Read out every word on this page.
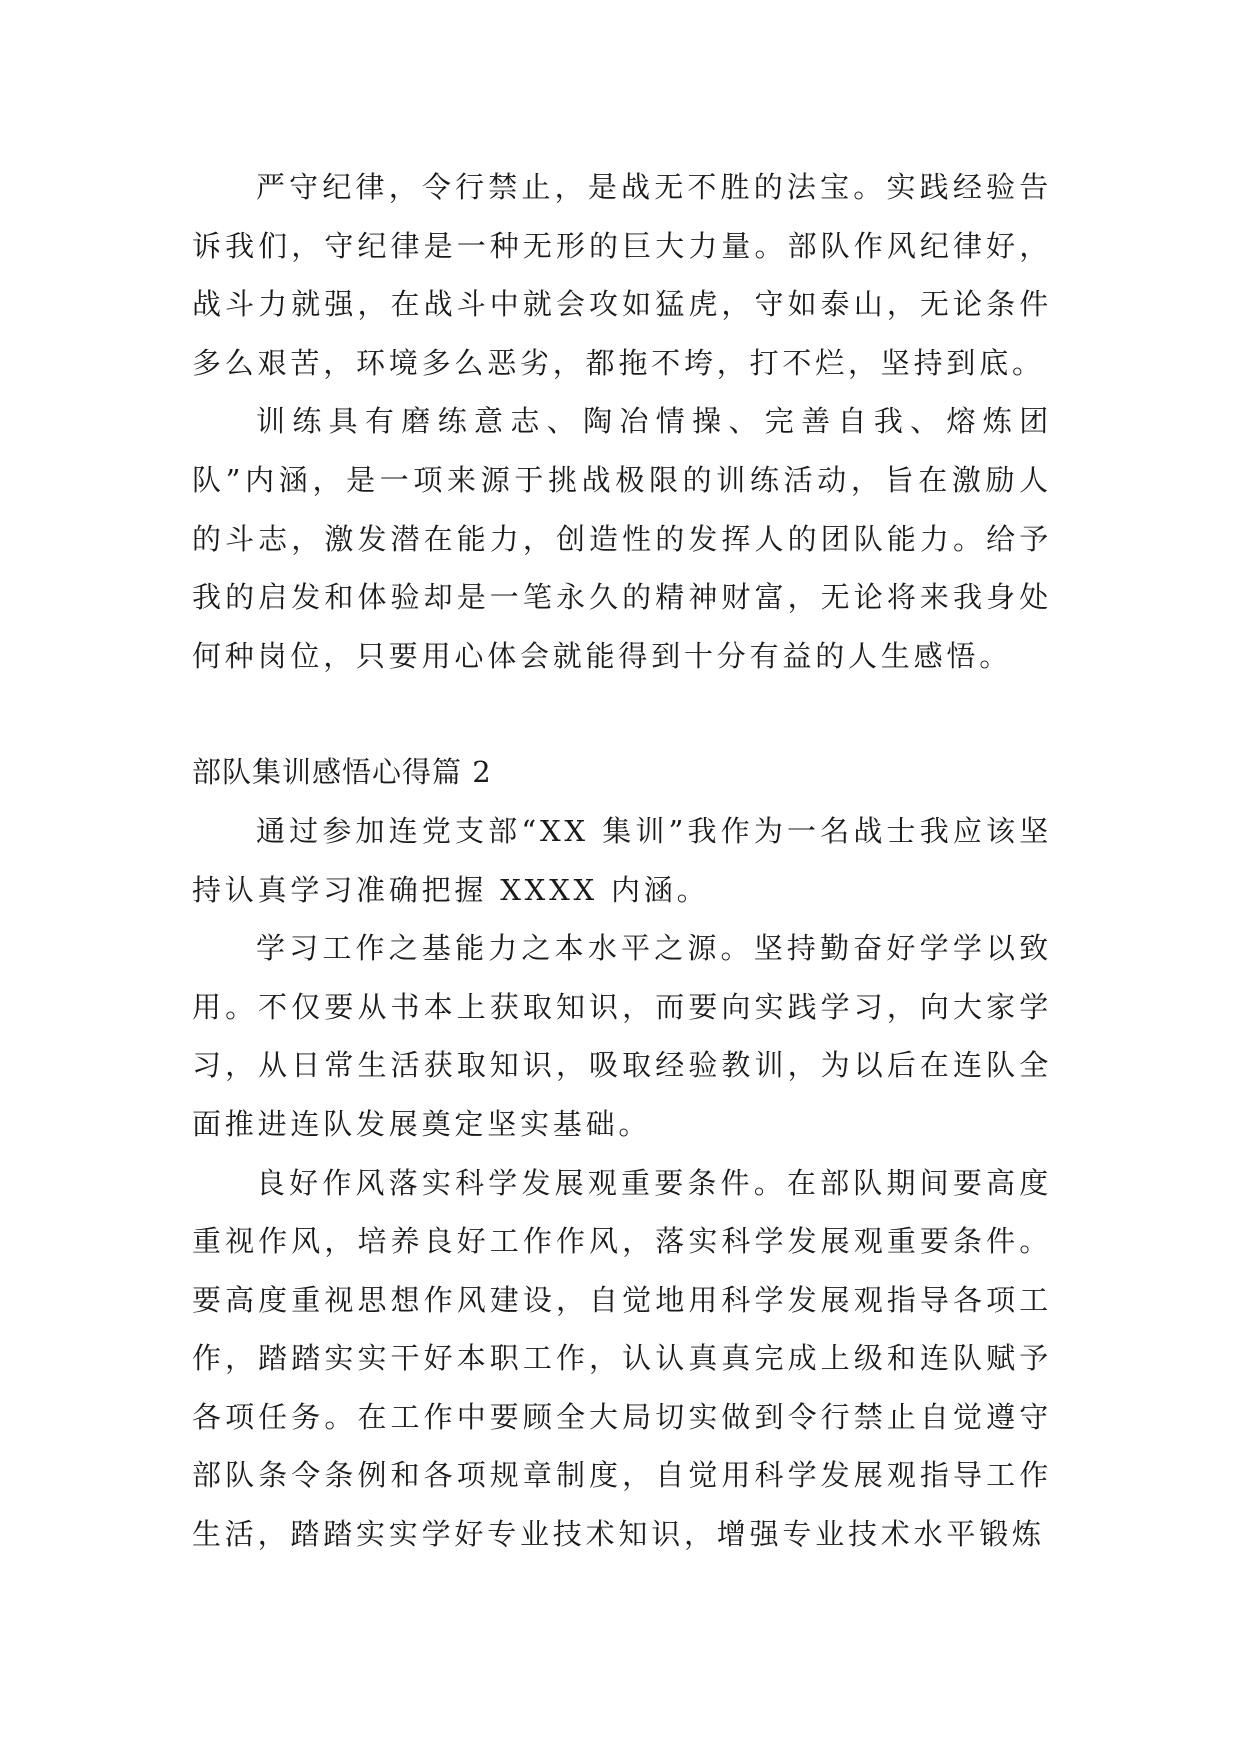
严守纪律，令行禁止，是战无不胜的法宝。实践经验告诉我们，守纪律是一种无形的巨大力量。部队作风纪律好，战斗力就强，在战斗中就会攻如猛虎，守如泰山，无论条件多么艰苦，环境多么恶劣，都拖不垮，打不烂，坚持到底。

训练具有磨练意志、陶冶情操、完善自我、熔炼团队”内涵，是一项来源于挑战极限的训练活动，旨在激励人的斗志，激发潜在能力，创造性的发挥人的团队能力。给予我的启发和体验却是一笔永久的精神财富，无论将来我身处何种岗位，只要用心体会就能得到十分有益的人生感悟。

部队集训感悟心得篇 2

通过参加连党支部“XX 集训”我作为一名战士我应该坚持认真学习准确把握 XXXX 内涵。

学习工作之基能力之本水平之源。坚持勤奋好学学以致用。不仅要从书本上获取知识，而要向实践学习，向大家学习，从日常生活获取知识，吸取经验教训，为以后在连队全面推进连队发展奠定坚实基础。

良好作风落实科学发展观重要条件。在部队期间要高度重视作风，培养良好工作作风，落实科学发展观重要条件。要高度重视思想作风建设，自觉地用科学发展观指导各项工作，踏踏实实干好本职工作，认认真真完成上级和连队赋予各项任务。在工作中要顾全大局切实做到令行禁止自觉遵守部队条令条例和各项规章制度，自觉用科学发展观指导工作生活，踏踏实实学好专业技术知识，增强专业技术水平锻炼
